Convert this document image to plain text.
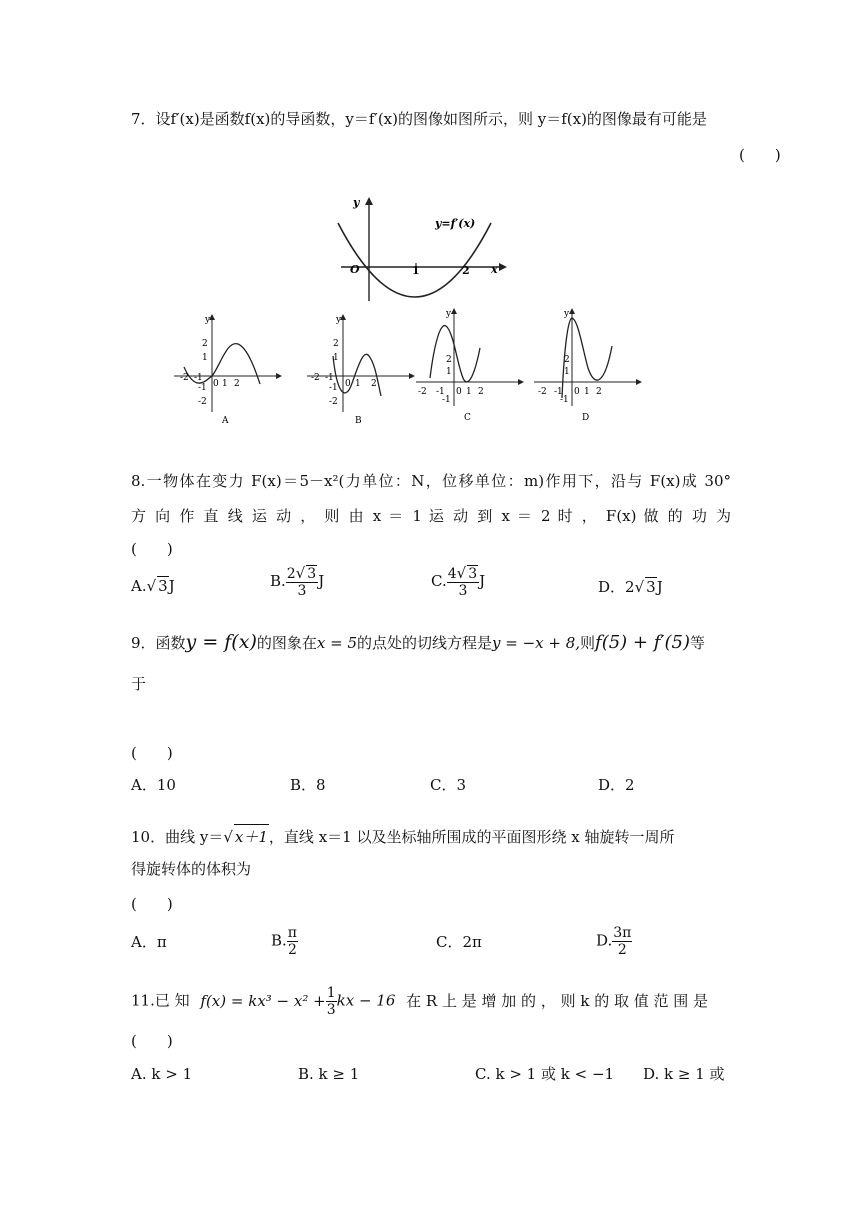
7．设f′(x)是函数f(x)的导函数，y＝f′(x)的图像如图所示，则 y＝f(x)的图像最有可能是
(　　)
y
x
O	1	2
y=f′(x)
y
2
1
-1
-2
-2 -1
0 1 2
A
y
2
1
-1
-2
-2 -1
0 1 2
B
y
2
1
-1
-2 -1 0 1 2
C
y
2
1
-1
-2 -1 0 1 2
D
8.一物体在变力 F(x)＝5－x²(力单位：N，位移单位：m)作用下，沿与 F(x)成 30°
方 向 作 直 线 运 动 ， 则 由 x ＝ 1 运 动 到 x ＝ 2 时 ， F(x) 做 的 功 为
(　　)
A.√ 3J	B. $\frac{2√ 3}{3}$ J	C. $\frac{4√ 3}{3}$ J	D．2√ 3J
9．函数y = f(x)的图象在x = 5的点处的切线方程是y = −x + 8,则f(5) + f′(5)等
于
(　　)
A．10	B．8	C．3	D．2
10．曲线 y＝√ x＋1，直线 x＝1 以及坐标轴所围成的平面图形绕 x 轴旋转一周所
得旋转体的体积为
(　　)
A．π	B. $\frac{\pi}{2}$	C．2π	D. $\frac{3\pi}{2}$
11.已 知 $f(x) = kx^3 - x^2 + \frac{1}{3}$ kx − 16 在 R 上 是 增 加 的 ， 则 k 的 取 值 范 围 是
(　　)
A. k > 1	B. k ≥ 1	C. k > 1 或 k < −1 D. k ≥ 1 或
